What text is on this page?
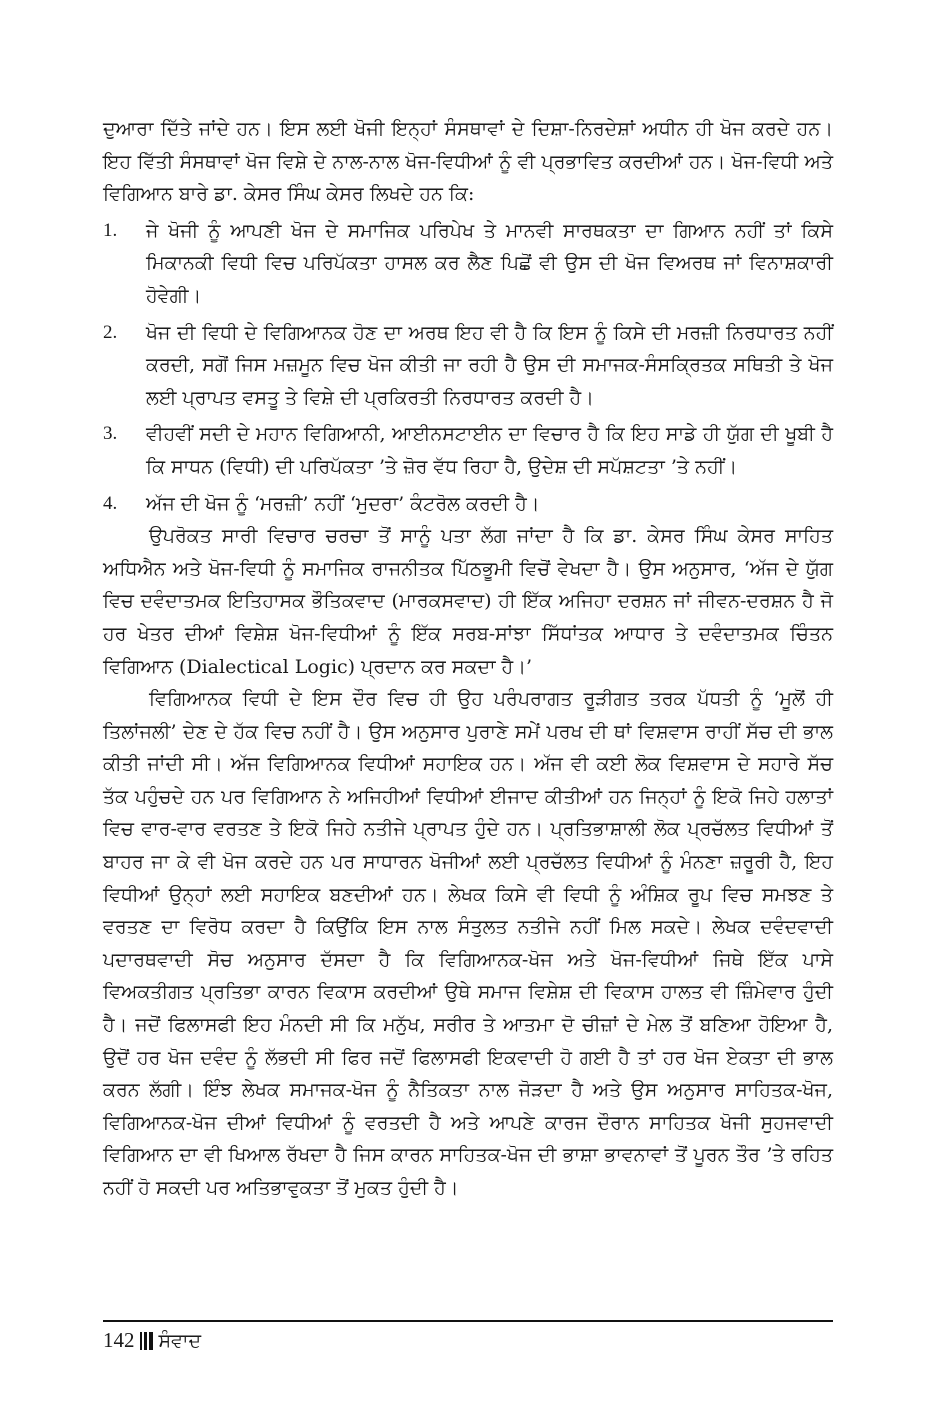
ਦੁਆਰਾ ਦਿੱਤੇ ਜਾਂਦੇ ਹਨ। ਇਸ ਲਈ ਖੋਜੀ ਇਨ੍ਹਾਂ ਸੰਸਥਾਵਾਂ ਦੇ ਦਿਸ਼ਾ-ਨਿਰਦੇਸ਼ਾਂ ਅਧੀਨ ਹੀ ਖੋਜ ਕਰਦੇ ਹਨ। ਇਹ ਵਿੱਤੀ ਸੰਸਥਾਵਾਂ ਖੋਜ ਵਿਸ਼ੇ ਦੇ ਨਾਲ-ਨਾਲ ਖੋਜ-ਵਿਧੀਆਂ ਨੂੰ ਵੀ ਪ੍ਰਭਾਵਿਤ ਕਰਦੀਆਂ ਹਨ। ਖੋਜ-ਵਿਧੀ ਅਤੇ ਵਿਗਿਆਨ ਬਾਰੇ ਡਾ. ਕੇਸਰ ਸਿੰਘ ਕੇਸਰ ਲਿਖਦੇ ਹਨ ਕਿ:

1. ਜੇ ਖੋਜੀ ਨੂੰ ਆਪਣੀ ਖੋਜ ਦੇ ਸਮਾਜਿਕ ਪਰਿਪੇਖ ਤੇ ਮਾਨਵੀ ਸਾਰਥਕਤਾ ਦਾ ਗਿਆਨ ਨਹੀਂ ਤਾਂ ਕਿਸੇ ਮਿਕਾਨਕੀ ਵਿਧੀ ਵਿਚ ਪਰਿਪੱਕਤਾ ਹਾਸਲ ਕਰ ਲੈਣ ਪਿਛੋਂ ਵੀ ਉਸ ਦੀ ਖੋਜ ਵਿਅਰਥ ਜਾਂ ਵਿਨਾਸ਼ਕਾਰੀ ਹੋਵੇਗੀ।
2. ਖੋਜ ਦੀ ਵਿਧੀ ਦੇ ਵਿਗਿਆਨਕ ਹੋਣ ਦਾ ਅਰਥ ਇਹ ਵੀ ਹੈ ਕਿ ਇਸ ਨੂੰ ਕਿਸੇ ਦੀ ਮਰਜ਼ੀ ਨਿਰਧਾਰਤ ਨਹੀਂ ਕਰਦੀ, ਸਗੋਂ ਜਿਸ ਮਜ਼ਮੂਨ ਵਿਚ ਖੋਜ ਕੀਤੀ ਜਾ ਰਹੀ ਹੈ ਉਸ ਦੀ ਸਮਾਜਕ-ਸੰਸਕ੍ਰਿਤਕ ਸਥਿਤੀ ਤੇ ਖੋਜ ਲਈ ਪ੍ਰਾਪਤ ਵਸਤੂ ਤੇ ਵਿਸ਼ੇ ਦੀ ਪ੍ਰਕਿਰਤੀ ਨਿਰਧਾਰਤ ਕਰਦੀ ਹੈ।
3. ਵੀਹਵੀਂ ਸਦੀ ਦੇ ਮਹਾਨ ਵਿਗਿਆਨੀ, ਆਈਨਸਟਾਈਨ ਦਾ ਵਿਚਾਰ ਹੈ ਕਿ ਇਹ ਸਾਡੇ ਹੀ ਯੁੱਗ ਦੀ ਖੂਬੀ ਹੈ ਕਿ ਸਾਧਨ (ਵਿਧੀ) ਦੀ ਪਰਿਪੱਕਤਾ ’ਤੇ ਜ਼ੋਰ ਵੱਧ ਰਿਹਾ ਹੈ, ਉਦੇਸ਼ ਦੀ ਸਪੱਸ਼ਟਤਾ ’ਤੇ ਨਹੀਂ।
4. ਅੱਜ ਦੀ ਖੋਜ ਨੂੰ ‘ਮਰਜ਼ੀ’ ਨਹੀਂ ‘ਮੁਦਰਾ’ ਕੰਟਰੋਲ ਕਰਦੀ ਹੈ।

ਉਪਰੋਕਤ ਸਾਰੀ ਵਿਚਾਰ ਚਰਚਾ ਤੋਂ ਸਾਨੂੰ ਪਤਾ ਲੱਗ ਜਾਂਦਾ ਹੈ ਕਿ ਡਾ. ਕੇਸਰ ਸਿੰਘ ਕੇਸਰ ਸਾਹਿਤ ਅਧਿਐਨ ਅਤੇ ਖੋਜ-ਵਿਧੀ ਨੂੰ ਸਮਾਜਿਕ ਰਾਜਨੀਤਕ ਪਿੱਠਭੂਮੀ ਵਿਚੋਂ ਵੇਖਦਾ ਹੈ। ਉਸ ਅਨੁਸਾਰ, ‘ਅੱਜ ਦੇ ਯੁੱਗ ਵਿਚ ਦਵੰਦਾਤਮਕ ਇਤਿਹਾਸਕ ਭੌਤਿਕਵਾਦ (ਮਾਰਕਸਵਾਦ) ਹੀ ਇੱਕ ਅਜਿਹਾ ਦਰਸ਼ਨ ਜਾਂ ਜੀਵਨ-ਦਰਸ਼ਨ ਹੈ ਜੋ ਹਰ ਖੇਤਰ ਦੀਆਂ ਵਿਸ਼ੇਸ਼ ਖੋਜ-ਵਿਧੀਆਂ ਨੂੰ ਇੱਕ ਸਰਬ-ਸਾਂਝਾ ਸਿੱਧਾਂਤਕ ਆਧਾਰ ਤੇ ਦਵੰਦਾਤਮਕ ਚਿੰਤਨ ਵਿਗਿਆਨ (Dialectical Logic) ਪ੍ਰਦਾਨ ਕਰ ਸਕਦਾ ਹੈ।’

ਵਿਗਿਆਨਕ ਵਿਧੀ ਦੇ ਇਸ ਦੌਰ ਵਿਚ ਹੀ ਉਹ ਪਰੰਪਰਾਗਤ ਰੂੜੀਗਤ ਤਰਕ ਪੱਧਤੀ ਨੂੰ ‘ਮੂਲੋਂ ਹੀ ਤਿਲਾਂਜਲੀ’ ਦੇਣ ਦੇ ਹੱਕ ਵਿਚ ਨਹੀਂ ਹੈ। ਉਸ ਅਨੁਸਾਰ ਪੁਰਾਣੇ ਸਮੇਂ ਪਰਖ ਦੀ ਥਾਂ ਵਿਸ਼ਵਾਸ ਰਾਹੀਂ ਸੱਚ ਦੀ ਭਾਲ ਕੀਤੀ ਜਾਂਦੀ ਸੀ। ਅੱਜ ਵਿਗਿਆਨਕ ਵਿਧੀਆਂ ਸਹਾਇਕ ਹਨ। ਅੱਜ ਵੀ ਕਈ ਲੋਕ ਵਿਸ਼ਵਾਸ ਦੇ ਸਹਾਰੇ ਸੱਚ ਤੱਕ ਪਹੁੰਚਦੇ ਹਨ ਪਰ ਵਿਗਿਆਨ ਨੇ ਅਜਿਹੀਆਂ ਵਿਧੀਆਂ ਈਜਾਦ ਕੀਤੀਆਂ ਹਨ ਜਿਨ੍ਹਾਂ ਨੂੰ ਇਕੋ ਜਿਹੇ ਹਲਾਤਾਂ ਵਿਚ ਵਾਰ-ਵਾਰ ਵਰਤਣ ਤੇ ਇਕੋ ਜਿਹੇ ਨਤੀਜੇ ਪ੍ਰਾਪਤ ਹੁੰਦੇ ਹਨ। ਪ੍ਰਤਿਭਾਸ਼ਾਲੀ ਲੋਕ ਪ੍ਰਚੱਲਤ ਵਿਧੀਆਂ ਤੋਂ ਬਾਹਰ ਜਾ ਕੇ ਵੀ ਖੋਜ ਕਰਦੇ ਹਨ ਪਰ ਸਾਧਾਰਨ ਖੋਜੀਆਂ ਲਈ ਪ੍ਰਚੱਲਤ ਵਿਧੀਆਂ ਨੂੰ ਮੰਨਣਾ ਜ਼ਰੂਰੀ ਹੈ, ਇਹ ਵਿਧੀਆਂ ਉਨ੍ਹਾਂ ਲਈ ਸਹਾਇਕ ਬਣਦੀਆਂ ਹਨ। ਲੇਖਕ ਕਿਸੇ ਵੀ ਵਿਧੀ ਨੂੰ ਅੰਸ਼ਿਕ ਰੂਪ ਵਿਚ ਸਮਝਣ ਤੇ ਵਰਤਣ ਦਾ ਵਿਰੋਧ ਕਰਦਾ ਹੈ ਕਿਉਂਕਿ ਇਸ ਨਾਲ ਸੰਤੁਲਤ ਨਤੀਜੇ ਨਹੀਂ ਮਿਲ ਸਕਦੇ। ਲੇਖਕ ਦਵੰਦਵਾਦੀ ਪਦਾਰਥਵਾਦੀ ਸੋਚ ਅਨੁਸਾਰ ਦੱਸਦਾ ਹੈ ਕਿ ਵਿਗਿਆਨਕ-ਖੋਜ ਅਤੇ ਖੋਜ-ਵਿਧੀਆਂ ਜਿਥੇ ਇੱਕ ਪਾਸੇ ਵਿਅਕਤੀਗਤ ਪ੍ਰਤਿਭਾ ਕਾਰਨ ਵਿਕਾਸ ਕਰਦੀਆਂ ਉਥੇ ਸਮਾਜ ਵਿਸ਼ੇਸ਼ ਦੀ ਵਿਕਾਸ ਹਾਲਤ ਵੀ ਜ਼ਿੰਮੇਵਾਰ ਹੁੰਦੀ ਹੈ। ਜਦੋਂ ਫਿਲਾਸਫੀ ਇਹ ਮੰਨਦੀ ਸੀ ਕਿ ਮਨੁੱਖ, ਸਰੀਰ ਤੇ ਆਤਮਾ ਦੋ ਚੀਜ਼ਾਂ ਦੇ ਮੇਲ ਤੋਂ ਬਣਿਆ ਹੋਇਆ ਹੈ, ਉਦੋਂ ਹਰ ਖੋਜ ਦਵੰਦ ਨੂੰ ਲੱਭਦੀ ਸੀ ਫਿਰ ਜਦੋਂ ਫਿਲਾਸਫੀ ਇਕਵਾਦੀ ਹੋ ਗਈ ਹੈ ਤਾਂ ਹਰ ਖੋਜ ਏਕਤਾ ਦੀ ਭਾਲ ਕਰਨ ਲੱਗੀ। ਇੰਝ ਲੇਖਕ ਸਮਾਜਕ-ਖੋਜ ਨੂੰ ਨੈਤਿਕਤਾ ਨਾਲ ਜੋੜਦਾ ਹੈ ਅਤੇ ਉਸ ਅਨੁਸਾਰ ਸਾਹਿਤਕ-ਖੋਜ, ਵਿਗਿਆਨਕ-ਖੋਜ ਦੀਆਂ ਵਿਧੀਆਂ ਨੂੰ ਵਰਤਦੀ ਹੈ ਅਤੇ ਆਪਣੇ ਕਾਰਜ ਦੌਰਾਨ ਸਾਹਿਤਕ ਖੋਜੀ ਸੁਹਜਵਾਦੀ ਵਿਗਿਆਨ ਦਾ ਵੀ ਖਿਆਲ ਰੱਖਦਾ ਹੈ ਜਿਸ ਕਾਰਨ ਸਾਹਿਤਕ-ਖੋਜ ਦੀ ਭਾਸ਼ਾ ਭਾਵਨਾਵਾਂ ਤੋਂ ਪੂਰਨ ਤੌਰ ’ਤੇ ਰਹਿਤ ਨਹੀਂ ਹੋ ਸਕਦੀ ਪਰ ਅਤਿਭਾਵੁਕਤਾ ਤੋਂ ਮੁਕਤ ਹੁੰਦੀ ਹੈ।

142 ਸੰਵਾਦ
